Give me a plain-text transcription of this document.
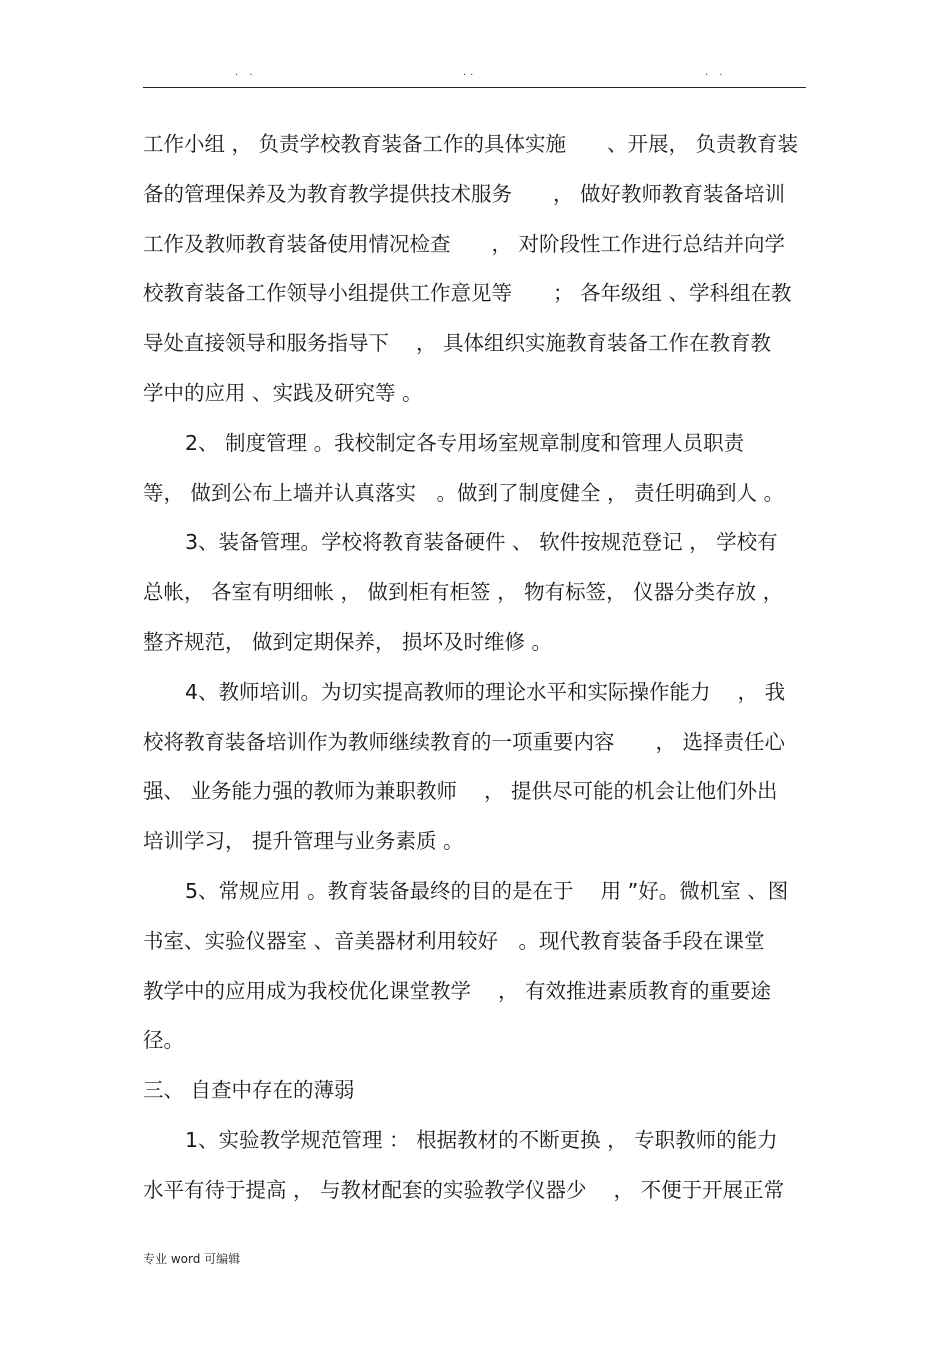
· ·	··	· ·
工作小组 ， 负责学校教育装备工作的具体实施　　、开展， 负责教育装
备的管理保养及为教育教学提供技术服务　　， 做好教师教育装备培训
工作及教师教育装备使用情况检查　　， 对阶段性工作进行总结并向学
校教育装备工作领导小组提供工作意见等　　； 各年级组 、学科组在教
导处直接领导和服务指导下　 ， 具体组织实施教育装备工作在教育教
学中的应用 、实践及研究等 。
2、 制度管理 。我校制定各专用场室规章制度和管理人员职责
等， 做到公布上墙并认真落实　。做到了制度健全 ， 责任明确到人 。
3、装备管理。学校将教育装备硬件 、 软件按规范登记 ， 学校有
总帐， 各室有明细帐 ， 做到柜有柜签 ， 物有标签， 仪器分类存放 ，
整齐规范， 做到定期保养， 损坏及时维修 。
4、教师培训。为切实提高教师的理论水平和实际操作能力　 ， 我
校将教育装备培训作为教师继续教育的一项重要内容　　， 选择责任心
强、 业务能力强的教师为兼职教师　 ， 提供尽可能的机会让他们外出
培训学习， 提升管理与业务素质 。
5、常规应用 。教育装备最终的目的是在于　 用 ”好。微机室 、图
书室、实验仪器室 、音美器材利用较好　。现代教育装备手段在课堂
教学中的应用成为我校优化课堂教学　 ， 有效推进素质教育的重要途
径。
三、 自查中存在的薄弱
1、实验教学规范管理 ： 根据教材的不断更换 ， 专职教师的能力
水平有待于提高 ， 与教材配套的实验教学仪器少　 ， 不便于开展正常
专业 word 可编辑
